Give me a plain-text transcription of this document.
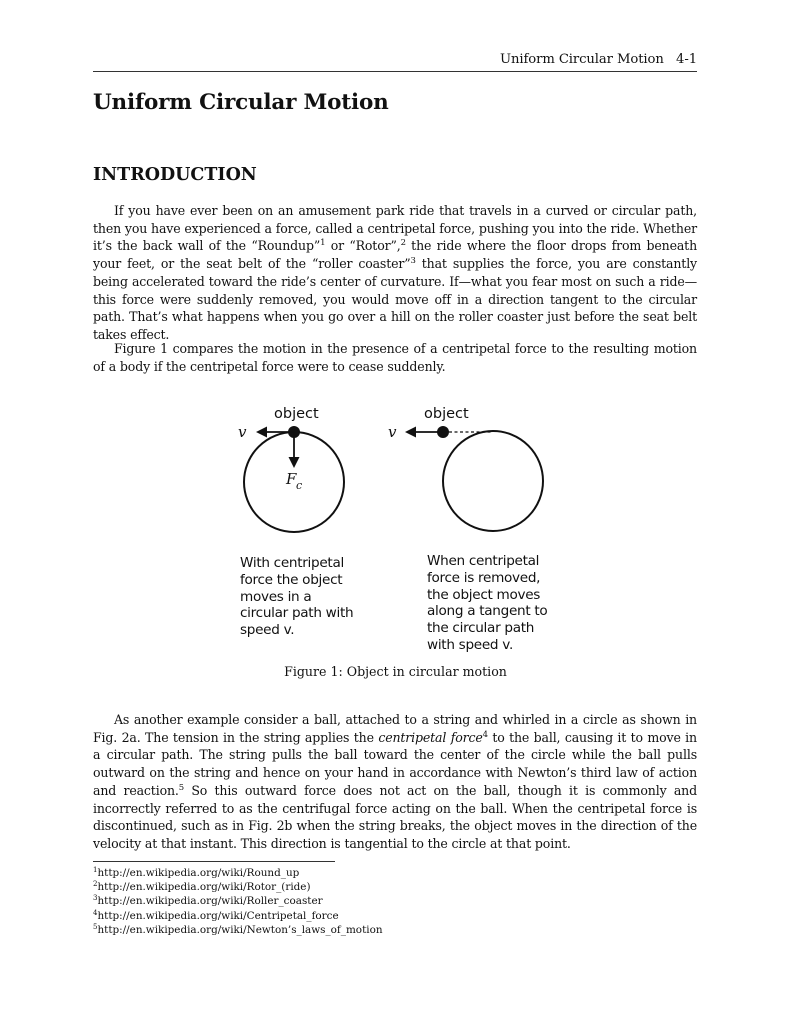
Uniform Circular Motion   4-1
Uniform Circular Motion
INTRODUCTION

If you have ever been on an amusement park ride that travels in a curved or circular path, then you have experienced a force, called a centripetal force, pushing you into the ride. Whether it’s the back wall of the “Roundup”$^1$ or “Rotor”,$^2$ the ride where the floor drops from beneath your feet, or the seat belt of the “roller coaster”$^3$ that supplies the force, you are constantly being accelerated toward the ride’s center of curvature. If—what you fear most on such a ride—this force were suddenly removed, you would move off in a direction tangent to the circular path. That’s what happens when you go over a hill on the roller coaster just before the seat belt takes effect.

Figure 1 compares the motion in the presence of a centripetal force to the resulting motion of a body if the centripetal force were to cease suddenly.

object
v
F c
object
v
With centripetal
force the object
moves in a
circular path with
speed v.
When centripetal
force is removed,
the object moves
along a tangent to
the circular path
with speed v.
Figure 1: Object in circular motion

As another example consider a ball, attached to a string and whirled in a circle as shown in Fig. 2a. The tension in the string applies the centripetal force$^4$ to the ball, causing it to move in a circular path. The string pulls the ball toward the center of the circle while the ball pulls outward on the string and hence on your hand in accordance with Newton’s third law of action and reaction.$^5$ So this outward force does not act on the ball, though it is commonly and incorrectly referred to as the centrifugal force acting on the ball. When the centripetal force is discontinued, such as in Fig. 2b when the string breaks, the object moves in the direction of the velocity at that instant. This direction is tangential to the circle at that point.

$^1$http://en.wikipedia.org/wiki/Round_up
$^2$http://en.wikipedia.org/wiki/Rotor_(ride)
$^3$http://en.wikipedia.org/wiki/Roller_coaster
$^4$http://en.wikipedia.org/wiki/Centripetal_force
$^5$http://en.wikipedia.org/wiki/Newton’s_laws_of_motion
